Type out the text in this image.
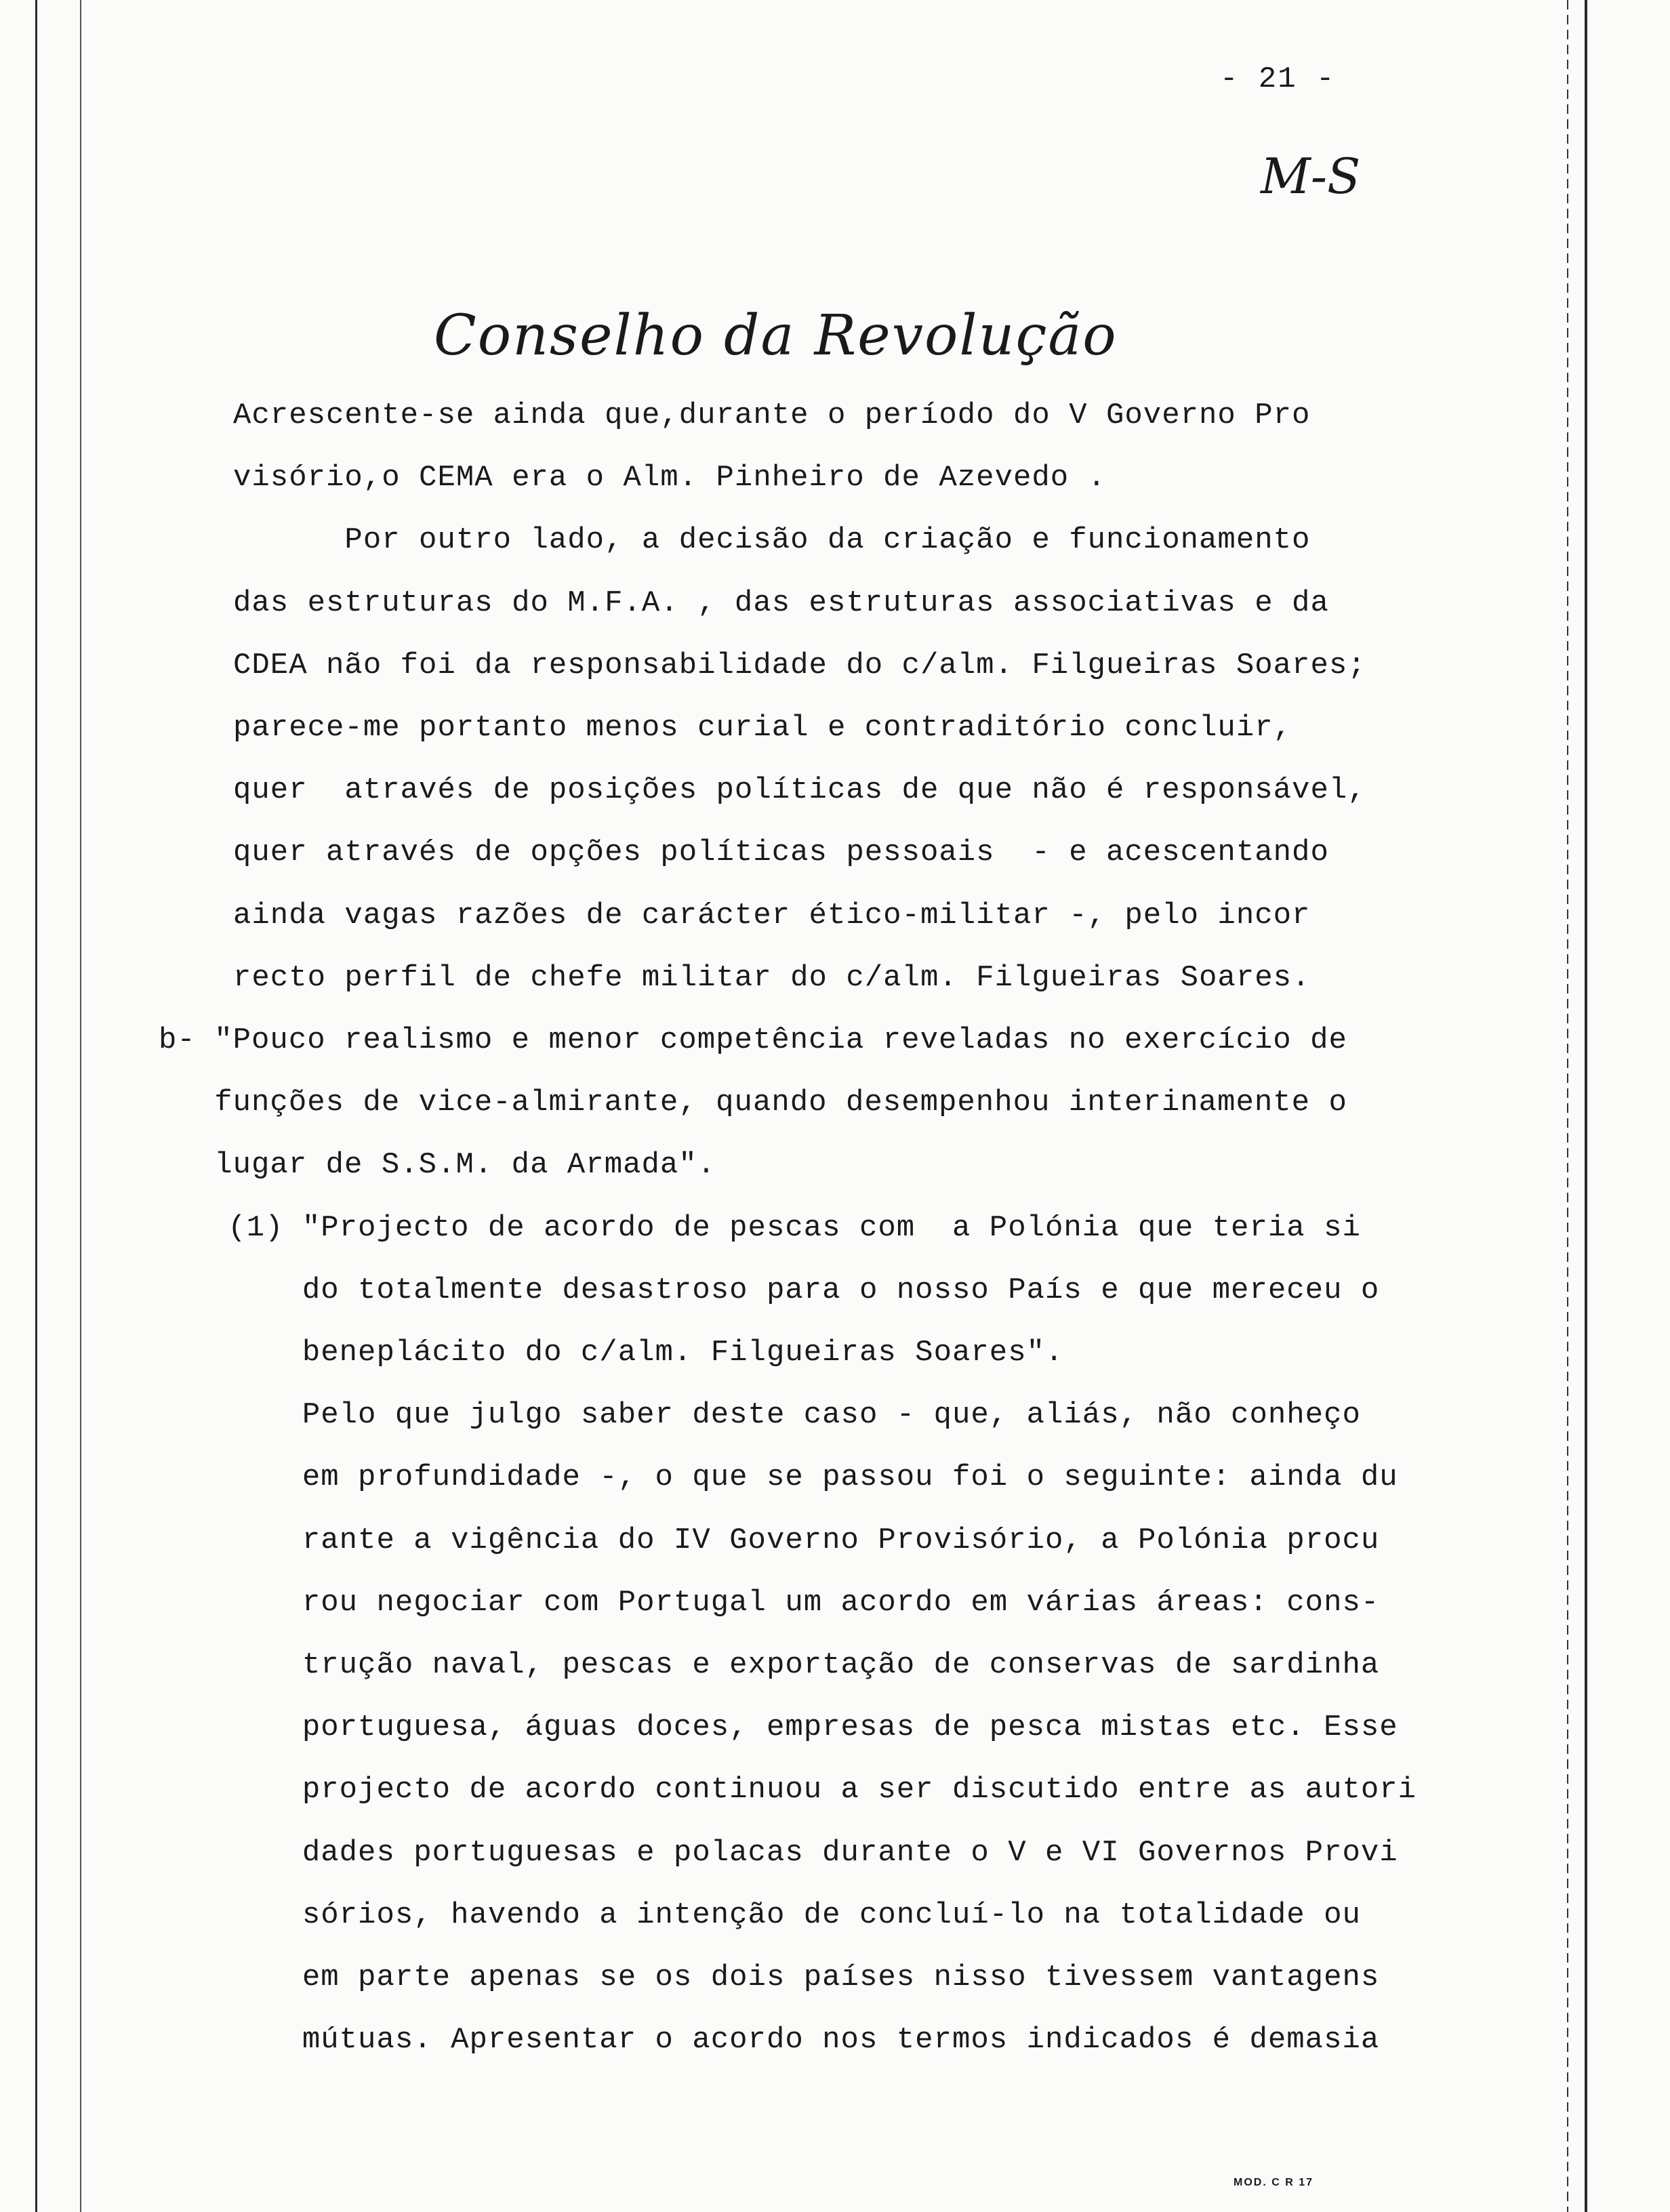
- 21 -
M-S
Conselho da Revolução
Acrescente-se ainda que,durante o período do V Governo Pro
visório,o CEMA era o Alm. Pinheiro de Azevedo .
Por outro lado, a decisão da criação e funcionamento
das estruturas do M.F.A. , das estruturas associativas e da
CDEA não foi da responsabilidade do c/alm. Filgueiras Soares;
parece-me portanto menos curial e contraditório concluir,
quer  através de posições políticas de que não é responsável,
quer através de opções políticas pessoais  - e acescentando
ainda vagas razões de carácter ético-militar -, pelo incor
recto perfil de chefe militar do c/alm. Filgueiras Soares.
b- "Pouco realismo e menor competência reveladas no exercício de
funções de vice-almirante, quando desempenhou interinamente o
lugar de S.S.M. da Armada".
(1) "Projecto de acordo de pescas com  a Polónia que teria si
do totalmente desastroso para o nosso País e que mereceu o
beneplácito do c/alm. Filgueiras Soares".
Pelo que julgo saber deste caso - que, aliás, não conheço
em profundidade -, o que se passou foi o seguinte: ainda du
rante a vigência do IV Governo Provisório, a Polónia procu
rou negociar com Portugal um acordo em várias áreas: cons-
trução naval, pescas e exportação de conservas de sardinha
portuguesa, águas doces, empresas de pesca mistas etc. Esse
projecto de acordo continuou a ser discutido entre as autori
dades portuguesas e polacas durante o V e VI Governos Provi
sórios, havendo a intenção de concluí-lo na totalidade ou
em parte apenas se os dois países nisso tivessem vantagens
mútuas. Apresentar o acordo nos termos indicados é demasia
MOD. C R 17
